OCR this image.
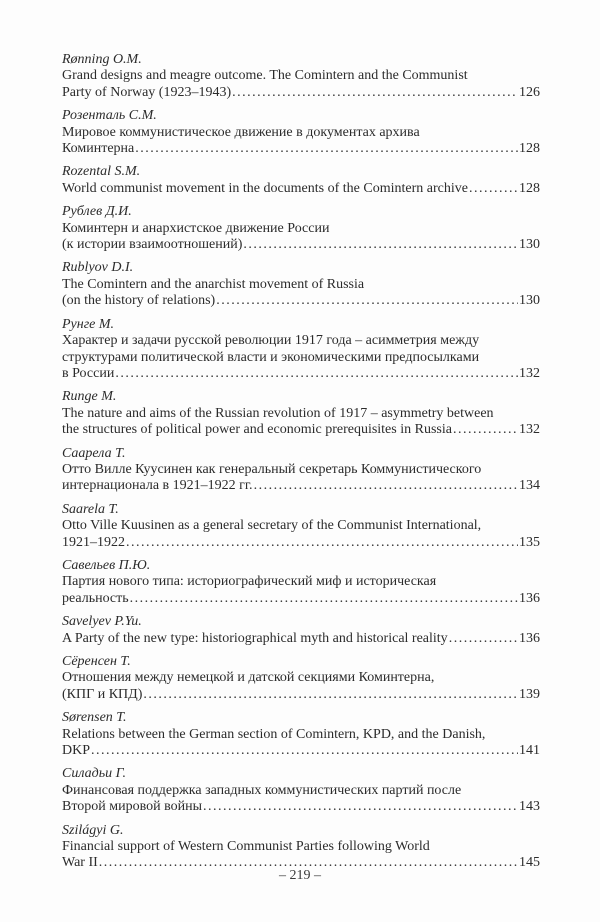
Rønning O.M.
Grand designs and meagre outcome. The Comintern and the Communist
Party of Norway (1923–1943) .....	126
Розенталь С.М.
Мировое коммунистическое движение в документах архива
Коминтерна .....	128
Rozental S.M.
World communist movement in the documents of the Comintern archive .....	128
Рублев Д.И.
Коминтерн и анархистское движение России
(к истории взаимоотношений) .....	130
Rublyov D.I.
The Comintern and the anarchist movement of Russia
(on the history of relations) .....	130
Рунге М.
Характер и задачи русской революции 1917 года – асимметрия между
структурами политической власти и экономическими предпосылками
в России .....	132
Runge M.
The nature and aims of the Russian revolution of 1917 – asymmetry between
the structures of political power and economic prerequisites in Russia .....	132
Саарела Т.
Отто Вилле Куусинен как генеральный секретарь Коммунистического
интернационала в 1921–1922 гг. .....	134
Saarela T.
Otto Ville Kuusinen as a general secretary of the Communist International,
1921–1922 .....	135
Савельев П.Ю.
Партия нового типа: историографический миф и историческая
реальность .....	136
Savelyev P.Yu.
A Party of the new type: historiographical myth and historical reality .....	136
Сёренсен Т.
Отношения между немецкой и датской секциями Коминтерна,
(КПГ и КПД) .....	139
Sørensen T.
Relations between the German section of Comintern, KPD, and the Danish,
DKP .....	141
Силадьи Г.
Финансовая поддержка западных коммунистических партий после
Второй мировой войны .....	143
Szilágyi G.
Financial support of Western Communist Parties following World
War II .....	145
– 219 –
